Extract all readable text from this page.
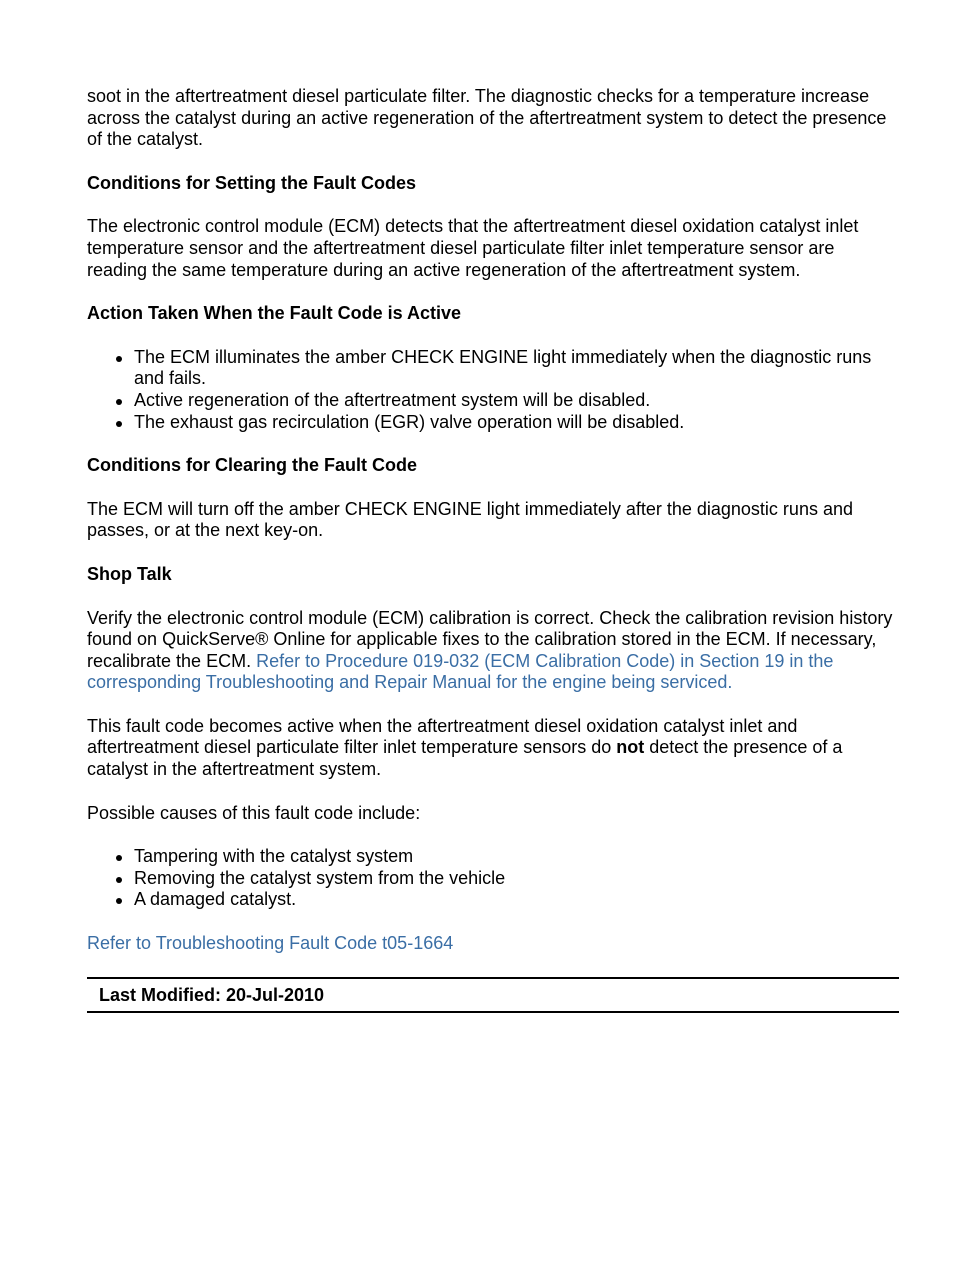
soot in the aftertreatment diesel particulate filter. The diagnostic checks for a temperature increase across the catalyst during an active regeneration of the aftertreatment system to detect the presence of the catalyst.

Conditions for Setting the Fault Codes

The electronic control module (ECM) detects that the aftertreatment diesel oxidation catalyst inlet temperature sensor and the aftertreatment diesel particulate filter inlet temperature sensor are reading the same temperature during an active regeneration of the aftertreatment system.

Action Taken When the Fault Code is Active
The ECM illuminates the amber CHECK ENGINE light immediately when the diagnostic runs and fails.
Active regeneration of the aftertreatment system will be disabled.
The exhaust gas recirculation (EGR) valve operation will be disabled.
Conditions for Clearing the Fault Code

The ECM will turn off the amber CHECK ENGINE light immediately after the diagnostic runs and passes, or at the next key-on.

Shop Talk

Verify the electronic control module (ECM) calibration is correct. Check the calibration revision history found on QuickServe® Online for applicable fixes to the calibration stored in the ECM. If necessary, recalibrate the ECM. Refer to Procedure 019-032 (ECM Calibration Code) in Section 19 in the corresponding Troubleshooting and Repair Manual for the engine being serviced.

This fault code becomes active when the aftertreatment diesel oxidation catalyst inlet and aftertreatment diesel particulate filter inlet temperature sensors do not detect the presence of a catalyst in the aftertreatment system.

Possible causes of this fault code include:

Tampering with the catalyst system
Removing the catalyst system from the vehicle
A damaged catalyst.

Refer to Troubleshooting Fault Code t05-1664

Last Modified: 20-Jul-2010
